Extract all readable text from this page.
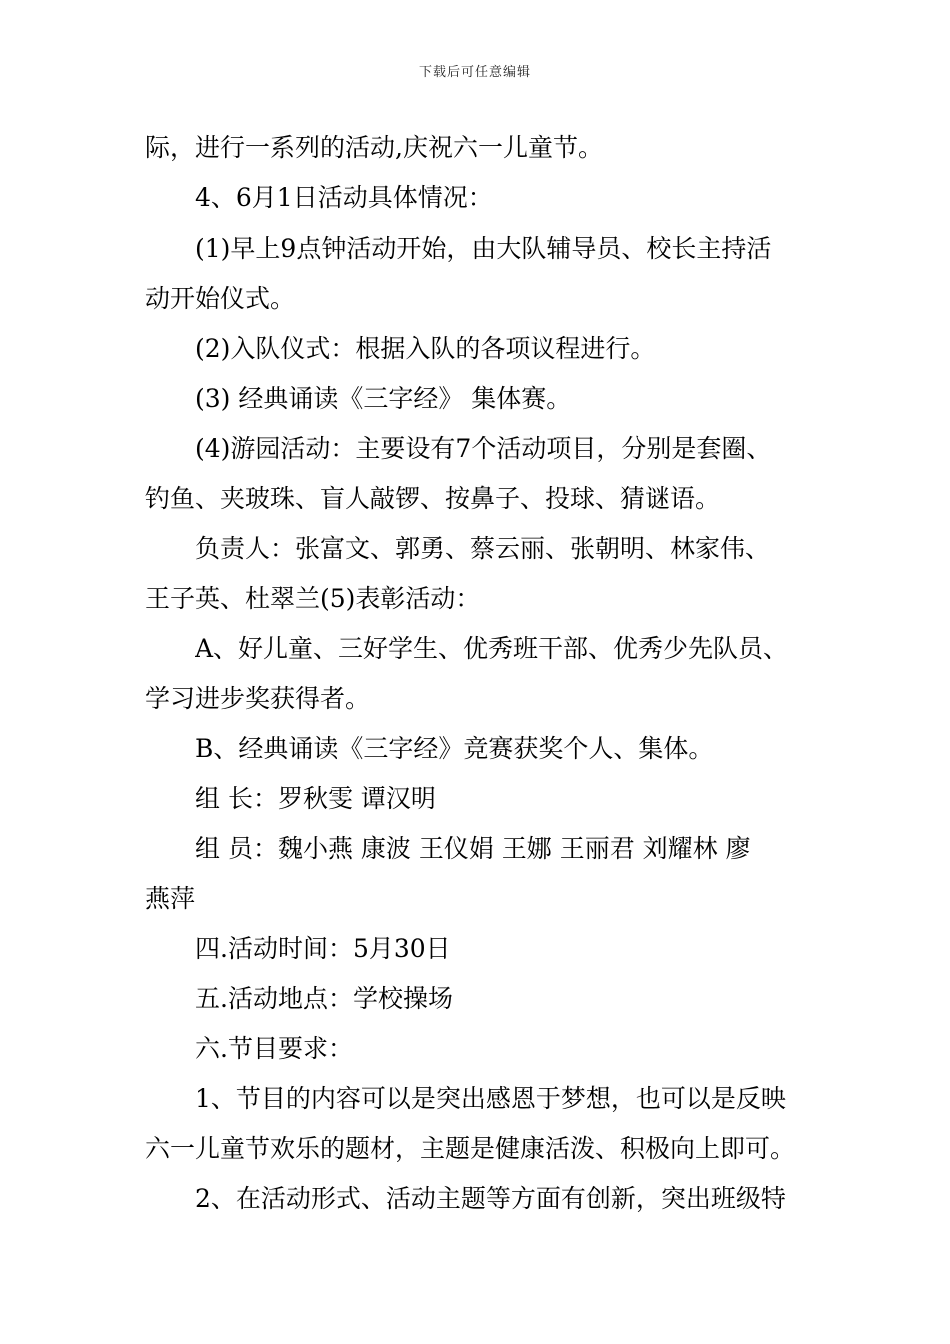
下载后可任意编辑
际，进行一系列的活动,庆祝六一儿童节。
4、6月1日活动具体情况：
(1)早上9点钟活动开始，由大队辅导员、校长主持活
动开始仪式。
(2)入队仪式：根据入队的各项议程进行。
(3) 经典诵读《三字经》 集体赛。
(4)游园活动：主要设有7个活动项目，分别是套圈、
钓鱼、夹玻珠、盲人敲锣、按鼻子、投球、猜谜语。
负责人：张富文、郭勇、蔡云丽、张朝明、林家伟、
王子英、杜翠兰(5)表彰活动：
A、好儿童、三好学生、优秀班干部、优秀少先队员、
学习进步奖获得者。
B、经典诵读《三字经》竞赛获奖个人、集体。
组 长：罗秋雯 谭汉明
组 员：魏小燕 康波 王仪娟 王娜 王丽君 刘耀林 廖
燕萍
四.活动时间：5月30日
五.活动地点：学校操场
六.节目要求：
1、节目的内容可以是突出感恩于梦想，也可以是反映
六一儿童节欢乐的题材，主题是健康活泼、积极向上即可。
2、在活动形式、活动主题等方面有创新，突出班级特
